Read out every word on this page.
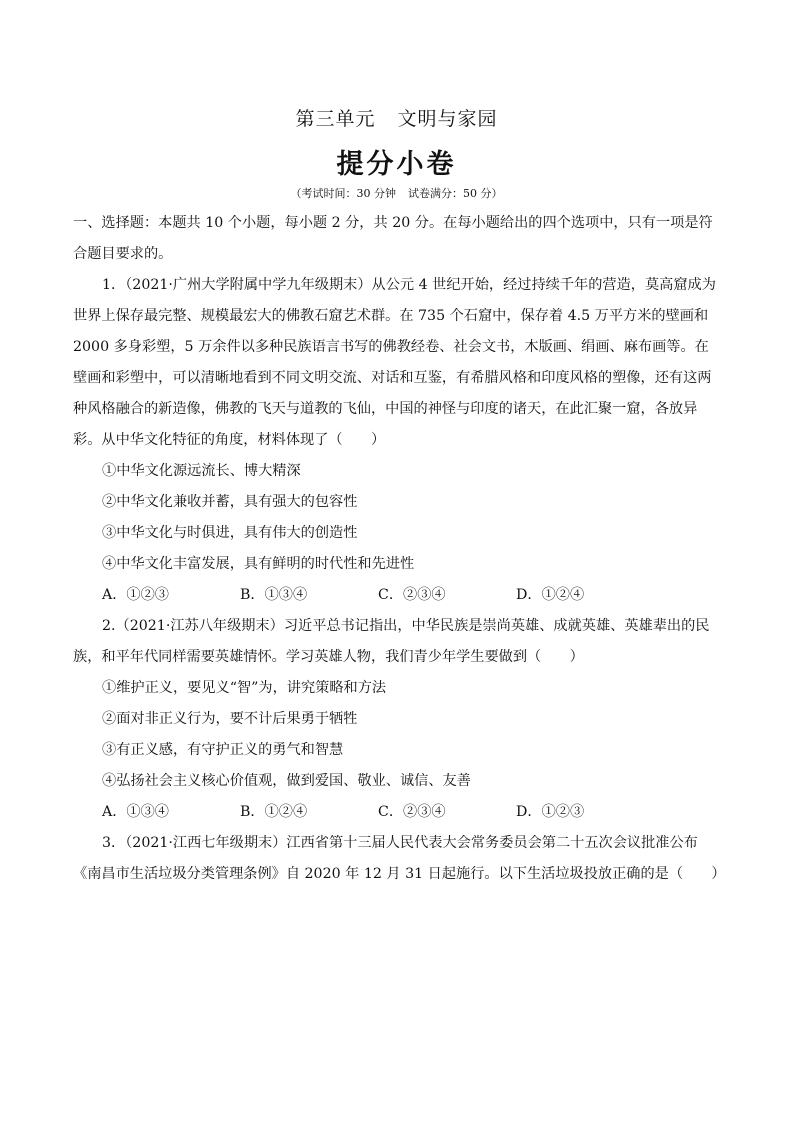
第三单元 文明与家园
提分小卷
（考试时间：30 分钟 试卷满分：50 分）

一、选择题：本题共 10 个小题，每小题 2 分，共 20 分。在每小题给出的四个选项中，只有一项是符合题目要求的。

1．（2021·广州大学附属中学九年级期末）从公元 4 世纪开始，经过持续千年的营造，莫高窟成为世界上保存最完整、规模最宏大的佛教石窟艺术群。在 735 个石窟中，保存着 4.5 万平方米的壁画和 2000 多身彩塑，5 万余件以多种民族语言书写的佛教经卷、社会文书，木版画、绢画、麻布画等。在壁画和彩塑中，可以清晰地看到不同文明交流、对话和互鉴，有希腊风格和印度风格的塑像，还有这两种风格融合的新造像，佛教的飞天与道教的飞仙，中国的神怪与印度的诸天，在此汇聚一窟，各放异彩。从中华文化特征的角度，材料体现了（　　）

①中华文化源远流长、博大精深

②中华文化兼收并蓄，具有强大的包容性

③中华文化与时俱进，具有伟大的创造性

④中华文化丰富发展，具有鲜明的时代性和先进性

A．①②③	B．①③④	C．②③④	D．①②④

2.（2021·江苏八年级期末）习近平总书记指出，中华民族是崇尚英雄、成就英雄、英雄辈出的民族，和平年代同样需要英雄情怀。学习英雄人物，我们青少年学生要做到（　　）

①维护正义，要见义“智”为，讲究策略和方法

②面对非正义行为，要不计后果勇于牺牲

③有正义感，有守护正义的勇气和智慧

④弘扬社会主义核心价值观，做到爱国、敬业、诚信、友善

A．①③④	B．①②④	C．②③④	D．①②③

3．（2021·江西七年级期末）江西省第十三届人民代表大会常务委员会第二十五次会议批准公布《南昌市生活垃圾分类管理条例》自 2020 年 12 月 31 日起施行。以下生活垃圾投放正确的是（　　）
